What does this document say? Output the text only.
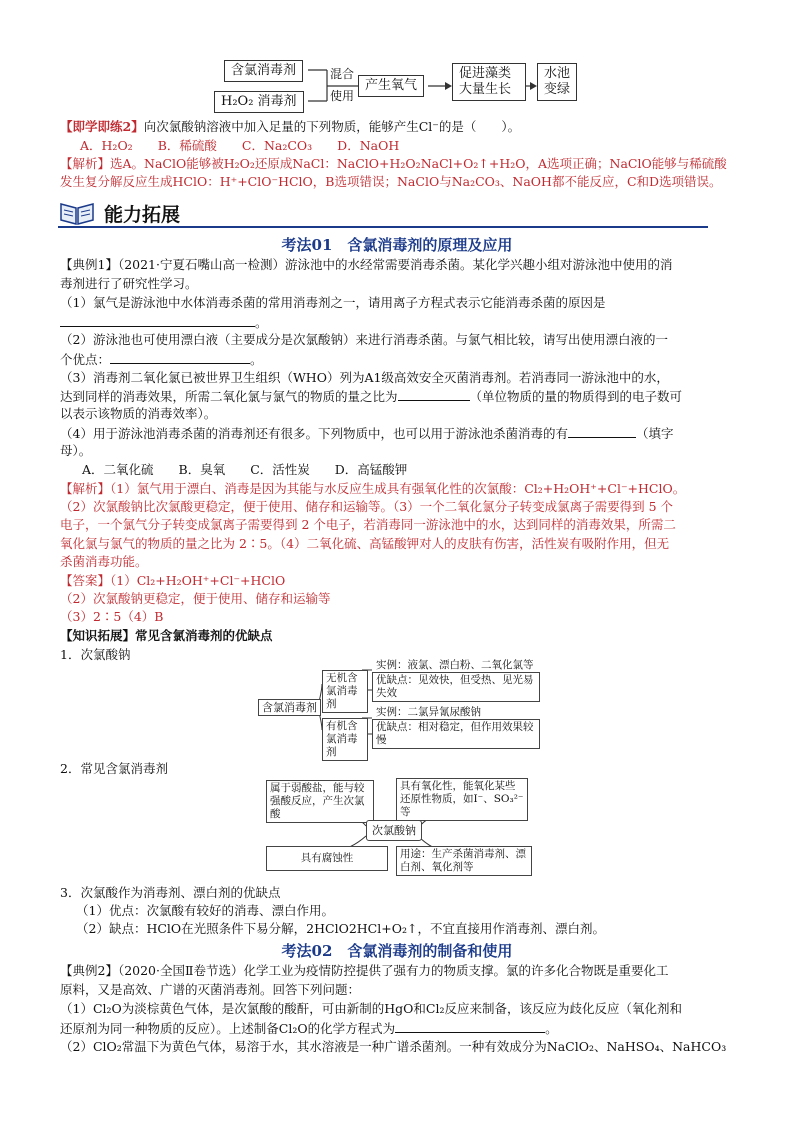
含氯消毒剂
H₂O₂ 消毒剂
混合
使用
产生氧气
促进藻类
大量生长
水池
变绿
【即学即练2】向次氯酸钠溶液中加入足量的下列物质，能够产生Cl⁻的是（　　）。
A．H₂O₂　　B．稀硫酸　　C．Na₂CO₃　　D．NaOH
【解析】选A。NaClO能够被H₂O₂还原成NaCl：NaClO+H₂O₂NaCl+O₂↑+H₂O，A选项正确；NaClO能够与稀硫酸
发生复分解反应生成HClO：H⁺+ClO⁻HClO，B选项错误；NaClO与Na₂CO₃、NaOH都不能反应，C和D选项错误。
能力拓展
考法01　含氯消毒剂的原理及应用
【典例1】（2021·宁夏石嘴山高一检测）游泳池中的水经常需要消毒杀菌。某化学兴趣小组对游泳池中使用的消
毒剂进行了研究性学习。
（1）氯气是游泳池中水体消毒杀菌的常用消毒剂之一，请用离子方程式表示它能消毒杀菌的原因是
。
（2）游泳池也可使用漂白液（主要成分是次氯酸钠）来进行消毒杀菌。与氯气相比较，请写出使用漂白液的一
个优点：	。
（3）消毒剂二氧化氯已被世界卫生组织（WHO）列为A1级高效安全灭菌消毒剂。若消毒同一游泳池中的水，
达到同样的消毒效果，所需二氧化氯与氯气的物质的量之比为	（单位物质的量的物质得到的电子数可
以表示该物质的消毒效率）。
（4）用于游泳池消毒杀菌的消毒剂还有很多。下列物质中，也可以用于游泳池杀菌消毒的有	（填字
母）。
A．二氧化硫　　B．臭氧　　C．活性炭　　D．高锰酸钾
【解析】（1）氯气用于漂白、消毒是因为其能与水反应生成具有强氧化性的次氯酸：Cl₂+H₂OH⁺+Cl⁻+HClO。
（2）次氯酸钠比次氯酸更稳定，便于使用、储存和运输等。（3）一个二氧化氯分子转变成氯离子需要得到 5 个
电子，一个氯气分子转变成氯离子需要得到 2 个电子，若消毒同一游泳池中的水，达到同样的消毒效果，所需二
氧化氯与氯气的物质的量之比为 2∶5。（4）二氧化硫、高锰酸钾对人的皮肤有伤害，活性炭有吸附作用，但无
杀菌消毒功能。
【答案】（1）Cl₂+H₂OH⁺+Cl⁻+HClO
（2）次氯酸钠更稳定，便于使用、储存和运输等
（3）2∶5（4）B
【知识拓展】常见含氯消毒剂的优缺点
1．次氯酸钠
含氯消毒剂
无机含氯消毒剂
有机含氯消毒剂
实例：液氯、漂白粉、二氧化氯等
优缺点：见效快，但受热、见光易失效
实例：二氯异氰尿酸钠
优缺点：相对稳定，但作用效果较慢
2．常见含氯消毒剂
属于弱酸盐，能与较强酸反应，产生次氯酸
具有氧化性，能氧化某些还原性物质，如I⁻、SO₃²⁻等
次氯酸钠
具有腐蚀性	用途：生产杀菌消毒剂、漂白剂、氧化剂等
3．次氯酸作为消毒剂、漂白剂的优缺点
（1）优点：次氯酸有较好的消毒、漂白作用。
（2）缺点：HClO在光照条件下易分解，2HClO2HCl+O₂↑，不宜直接用作消毒剂、漂白剂。
考法02　含氯消毒剂的制备和使用
【典例2】（2020·全国Ⅱ卷节选）化学工业为疫情防控提供了强有力的物质支撑。氯的许多化合物既是重要化工
原料，又是高效、广谱的灭菌消毒剂。回答下列问题：
（1）Cl₂O为淡棕黄色气体，是次氯酸的酸酐，可由新制的HgO和Cl₂反应来制备，该反应为歧化反应（氧化剂和
还原剂为同一种物质的反应）。上述制备Cl₂O的化学方程式为	。
（2）ClO₂常温下为黄色气体，易溶于水，其水溶液是一种广谱杀菌剂。一种有效成分为NaClO₂、NaHSO₄、NaHCO₃
